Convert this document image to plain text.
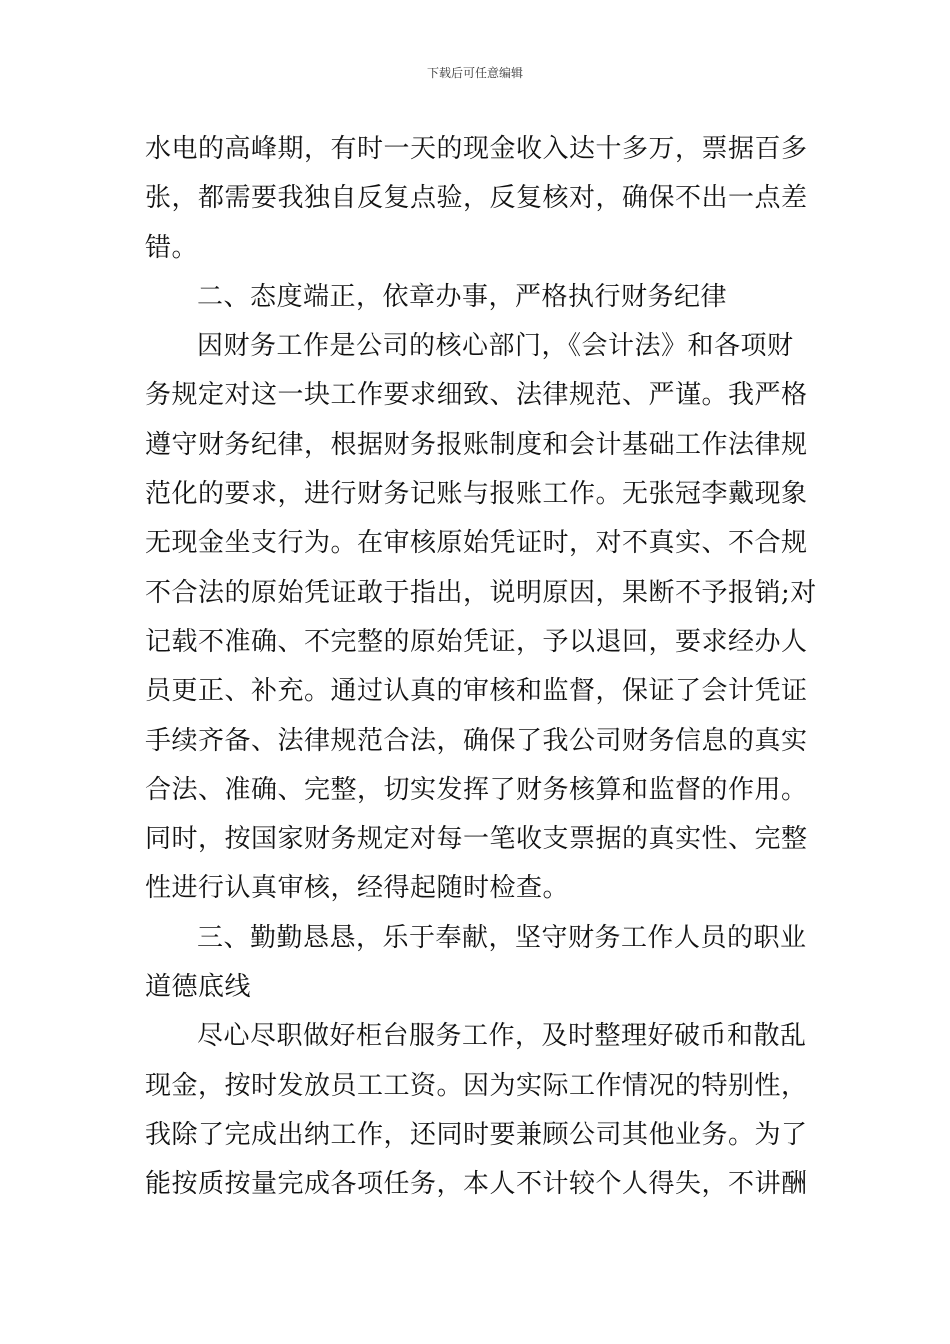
下载后可任意编辑
水电的高峰期，有时一天的现金收入达十多万，票据百多
张，都需要我独自反复点验，反复核对，确保不出一点差
错。
二、态度端正，依章办事，严格执行财务纪律
因财务工作是公司的核心部门，《会计法》和各项财
务规定对这一块工作要求细致、法律规范、严谨。我严格
遵守财务纪律，根据财务报账制度和会计基础工作法律规
范化的要求，进行财务记账与报账工作。无张冠李戴现象
无现金坐支行为。在审核原始凭证时，对不真实、不合规
不合法的原始凭证敢于指出，说明原因，果断不予报销;对
记载不准确、不完整的原始凭证，予以退回，要求经办人
员更正、补充。通过认真的审核和监督，保证了会计凭证
手续齐备、法律规范合法，确保了我公司财务信息的真实
合法、准确、完整，切实发挥了财务核算和监督的作用。
同时，按国家财务规定对每一笔收支票据的真实性、完整
性进行认真审核，经得起随时检查。
三、勤勤恳恳，乐于奉献，坚守财务工作人员的职业
道德底线
尽心尽职做好柜台服务工作，及时整理好破币和散乱
现金，按时发放员工工资。因为实际工作情况的特别性，
我除了完成出纳工作，还同时要兼顾公司其他业务。为了
能按质按量完成各项任务，本人不计较个人得失，不讲酬
